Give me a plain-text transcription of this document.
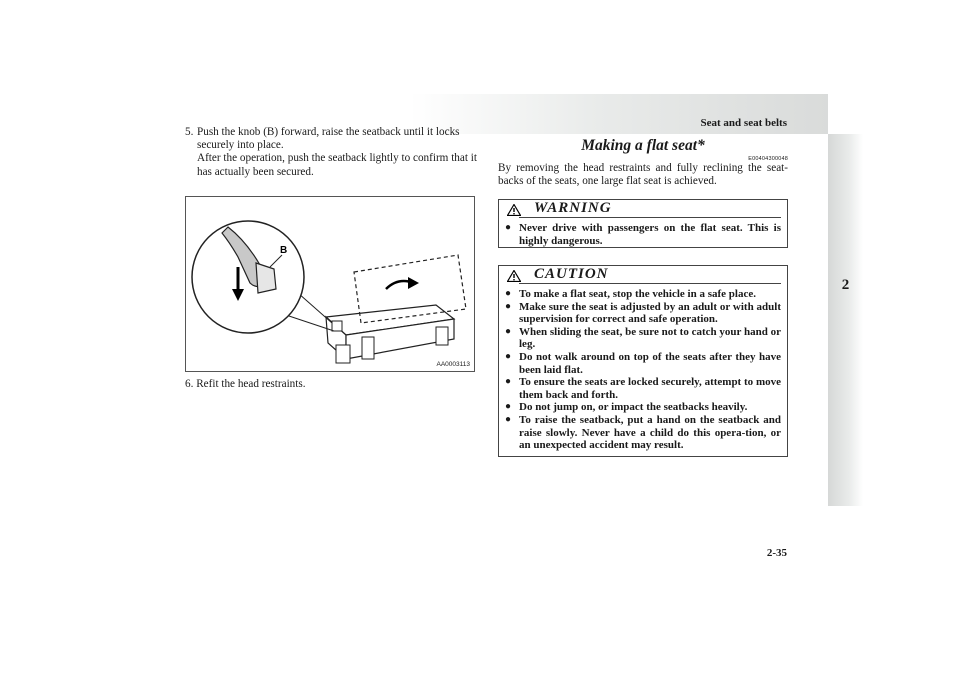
Seat and seat belts
2

5. Push the knob (B) forward, raise the seatback until it locks
securely into place.
After the operation, push the seatback lightly to confirm that it has actually been secured.

B
AA0003113
6. Refit the head restraints.

Making a flat seat*

E00404300048

By removing the head restraints and fully reclining the seat-backs of the seats, one large flat seat is achieved.

WARNING
● Never drive with passengers on the flat seat. This is highly dangerous.
CAUTION
● To make a flat seat, stop the vehicle in a safe place.
● Make sure the seat is adjusted by an adult or with adult supervision for correct and safe operation.
● When sliding the seat, be sure not to catch your hand or leg.
● Do not walk around on top of the seats after they have been laid flat.
● To ensure the seats are locked securely, attempt to move them back and forth.
● Do not jump on, or impact the seatbacks heavily.
● To raise the seatback, put a hand on the seatback and raise slowly. Never have a child do this opera-tion, or an unexpected accident may result.
2-35
